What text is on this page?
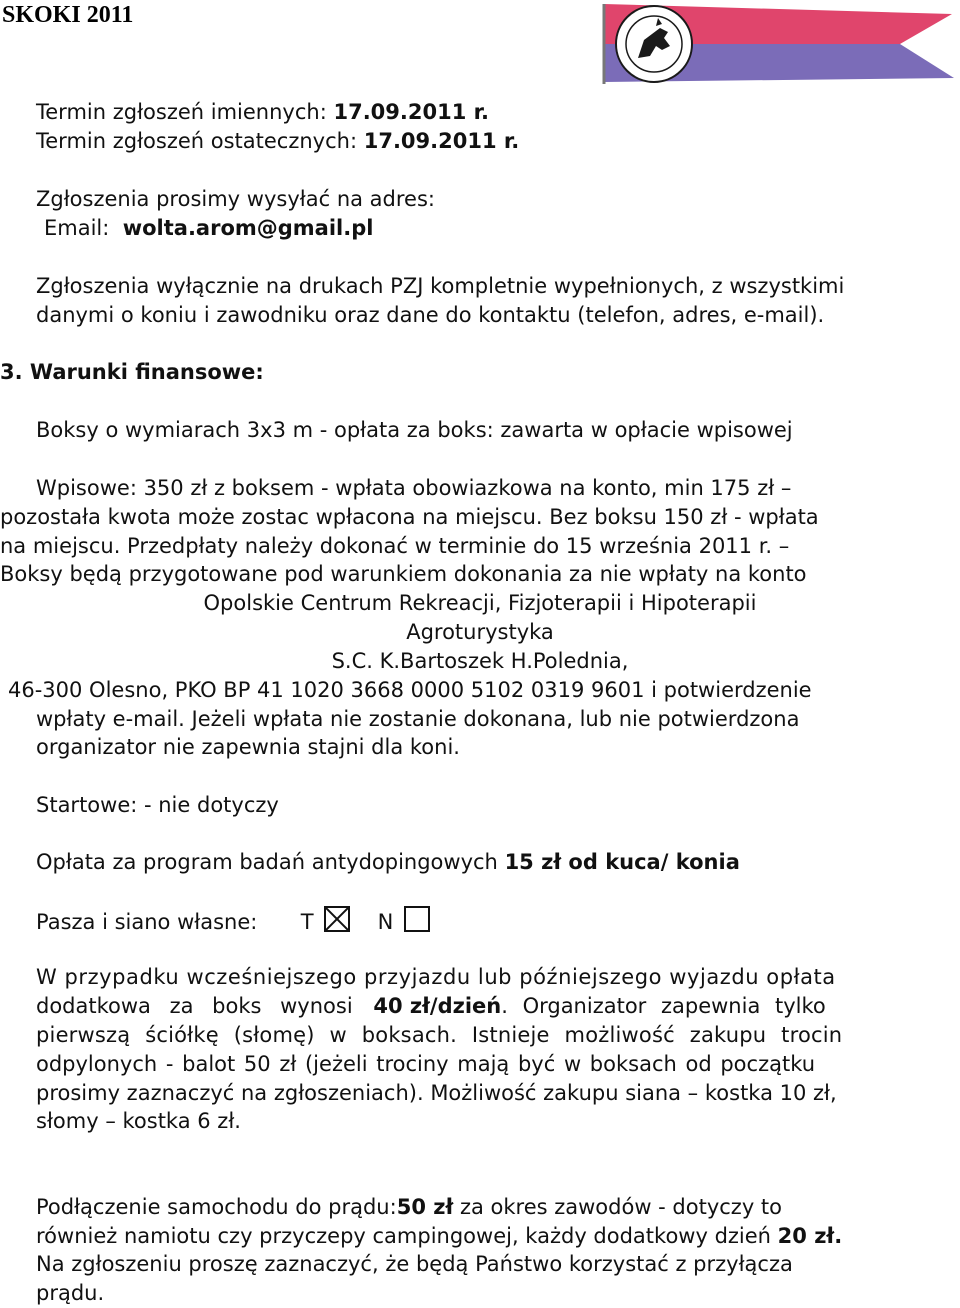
SKOKI 2011
Termin zgłoszeń imiennych: 17.09.2011 r.
Termin zgłoszeń ostatecznych: 17.09.2011 r.
Zgłoszenia prosimy wysyłać na adres:
Email: wolta.arom@gmail.pl
Zgłoszenia wyłącznie na drukach PZJ kompletnie wypełnionych, z wszystkimi
danymi o koniu i zawodniku oraz dane do kontaktu (telefon, adres, e-mail).
3. Warunki finansowe:
Boksy o wymiarach 3x3 m - opłata za boks: zawarta w opłacie wpisowej
Wpisowe: 350 zł z boksem - wpłata obowiazkowa na konto, min 175 zł –
pozostała kwota może zostac wpłacona na miejscu. Bez boksu 150 zł - wpłata
na miejscu. Przedpłaty należy dokonać w terminie do 15 września 2011 r. –
Boksy będą przygotowane pod warunkiem dokonania za nie wpłaty na konto
Opolskie Centrum Rekreacji, Fizjoterapii i Hipoterapii
Agroturystyka
S.C. K.Bartoszek H.Polednia,
46-300 Olesno, PKO BP 41 1020 3668 0000 5102 0319 9601 i potwierdzenie
wpłaty e-mail. Jeżeli wpłata nie zostanie dokonana, lub nie potwierdzona
organizator nie zapewnia stajni dla koni.
Startowe: - nie dotyczy
Opłata za program badań antydopingowych 15 zł od kuca/ konia
Pasza i siano własne: T	N
W przypadku wcześniejszego przyjazdu lub późniejszego wyjazdu opłata
dodatkowa za boks wynosi 40 zł/dzień. Organizator zapewnia tylko
pierwszą ściółkę (słomę) w boksach. Istnieje możliwość zakupu trocin
odpylonych - balot 50 zł (jeżeli trociny mają być w boksach od początku
prosimy zaznaczyć na zgłoszeniach). Możliwość zakupu siana – kostka 10 zł,
słomy – kostka 6 zł.
Podłączenie samochodu do prądu:50 zł za okres zawodów - dotyczy to
również namiotu czy przyczepy campingowej, każdy dodatkowy dzień 20 zł.
Na zgłoszeniu proszę zaznaczyć, że będą Państwo korzystać z przyłącza
prądu.
